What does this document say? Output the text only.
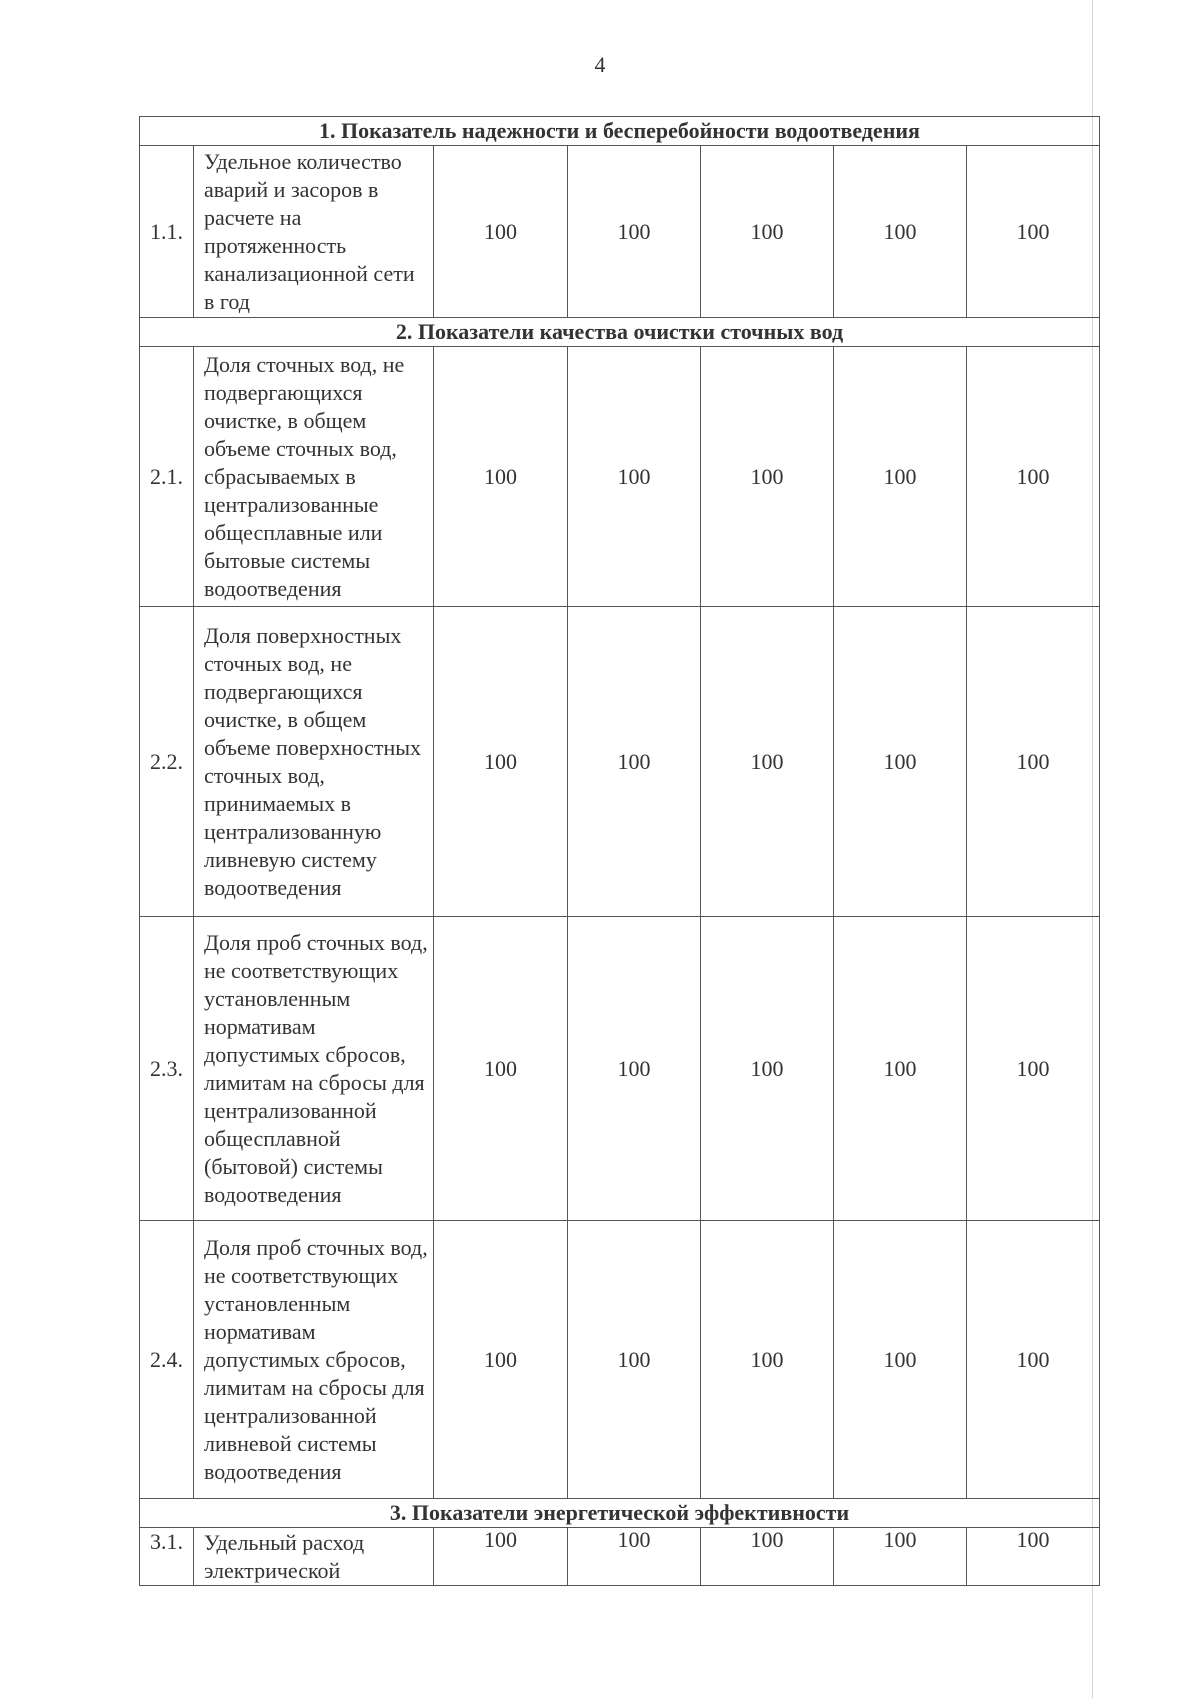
4
1. Показатель надежности и бесперебойности водоотведения						
1.1.	Удельное количество аварий и засоров в расчете на протяженность канализационной сети в год	100	100	100	100	100
2. Показатели качества очистки сточных вод						
2.1.	Доля сточных вод, не подвергающихся очистке, в общем объеме сточных вод, сбрасываемых в централизованные общесплавные или бытовые системы водоотведения	100	100	100	100	100
2.2.	Доля поверхностных сточных вод, не подвергающихся очистке, в общем объеме поверхностных сточных вод, принимаемых в централизованную ливневую систему водоотведения	100	100	100	100	100
2.3.	Доля проб сточных вод, не соответствующих установленным нормативам допустимых сбросов, лимитам на сбросы для централизованной общесплавной (бытовой) системы водоотведения	100	100	100	100	100
2.4.	Доля проб сточных вод, не соответствующих установленным нормативам допустимых сбросов, лимитам на сбросы для централизованной ливневой системы водоотведения	100	100	100	100	100
3. Показатели энергетической эффективности						
3.1.	Удельный расход электрической	100	100	100	100	100
